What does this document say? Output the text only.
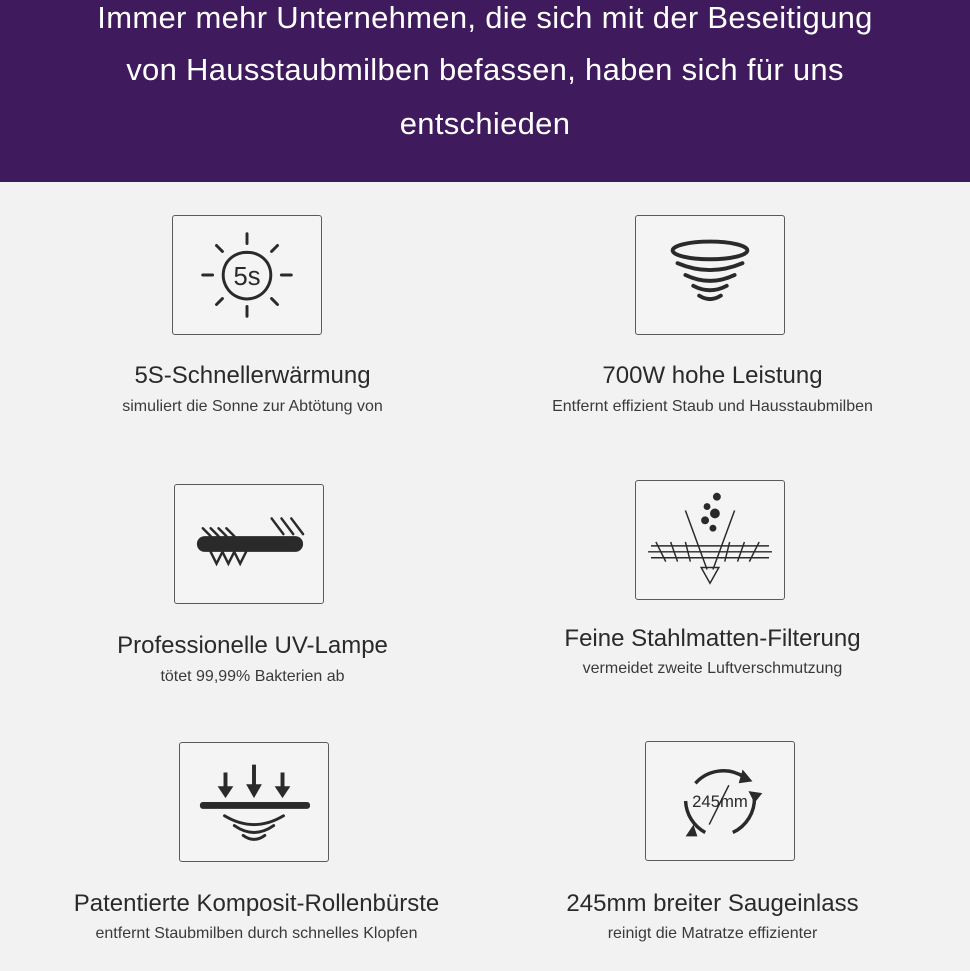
Immer mehr Unternehmen, die sich mit der Beseitigung
von Hausstaubmilben befassen, haben sich für uns
entschieden
5s
5S-Schnellerwärmung
simuliert die Sonne zur Abtötung von
700W hohe Leistung
Entfernt effizient Staub und Hausstaubmilben
Professionelle UV-Lampe
tötet 99,99% Bakterien ab
Feine Stahlmatten-Filterung
vermeidet zweite Luftverschmutzung
Patentierte Komposit-Rollenbürste
entfernt Staubmilben durch schnelles Klopfen
245mm
245mm breiter Saugeinlass
reinigt die Matratze effizienter
